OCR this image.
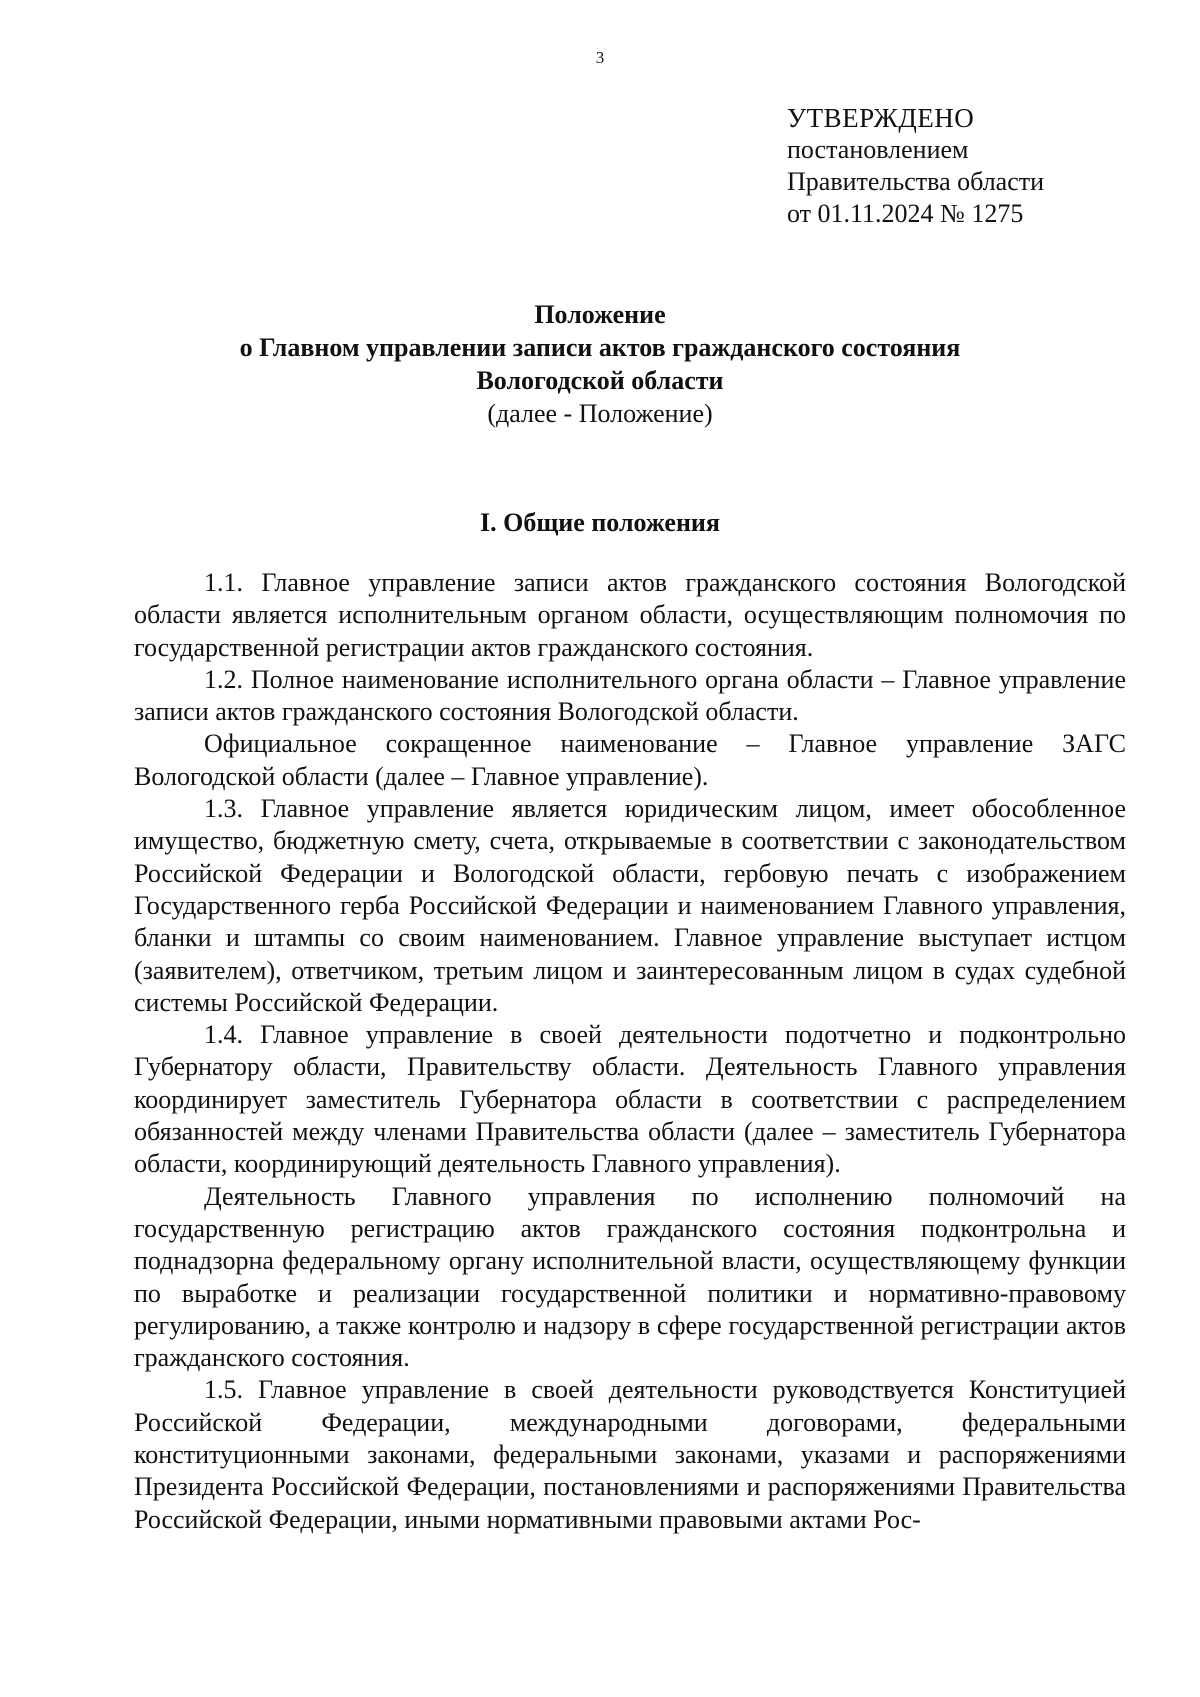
3
УТВЕРЖДЕНО
постановлением
Правительства области
от 01.11.2024 № 1275
Положение
о Главном управлении записи актов гражданского состояния
Вологодской области
(далее - Положение)
I. Общие положения

1.1. Главное управление записи актов гражданского состояния Вологодской области является исполнительным органом области, осуществляющим полномочия по государственной регистрации актов гражданского состояния.

1.2. Полное наименование исполнительного органа области – Главное управление записи актов гражданского состояния Вологодской области.

Официальное сокращенное наименование – Главное управление ЗАГС Вологодской области (далее – Главное управление).

1.3. Главное управление является юридическим лицом, имеет обособленное имущество, бюджетную смету, счета, открываемые в соответствии с законодательством Российской Федерации и Вологодской области, гербовую печать с изображением Государственного герба Российской Федерации и наименованием Главного управления, бланки и штампы со своим наименованием. Главное управление выступает истцом (заявителем), ответчиком, третьим лицом и заинтересованным лицом в судах судебной системы Российской Федерации.

1.4. Главное управление в своей деятельности подотчетно и подконтрольно Губернатору области, Правительству области. Деятельность Главного управления координирует заместитель Губернатора области в соответствии с распределением обязанностей между членами Правительства области (далее – заместитель Губернатора области, координирующий деятельность Главного управления).

Деятельность Главного управления по исполнению полномочий на государственную регистрацию актов гражданского состояния подконтрольна и поднадзорна федеральному органу исполнительной власти, осуществляющему функции по выработке и реализации государственной политики и нормативно-правовому регулированию, а также контролю и надзору в сфере государственной регистрации актов гражданского состояния.

1.5. Главное управление в своей деятельности руководствуется Конституцией Российской Федерации, международными договорами, федеральными конституционными законами, федеральными законами, указами и распоряжениями Президента Российской Федерации, постановлениями и распоряжениями Правительства Российской Федерации, иными нормативными правовыми актами Рос-
